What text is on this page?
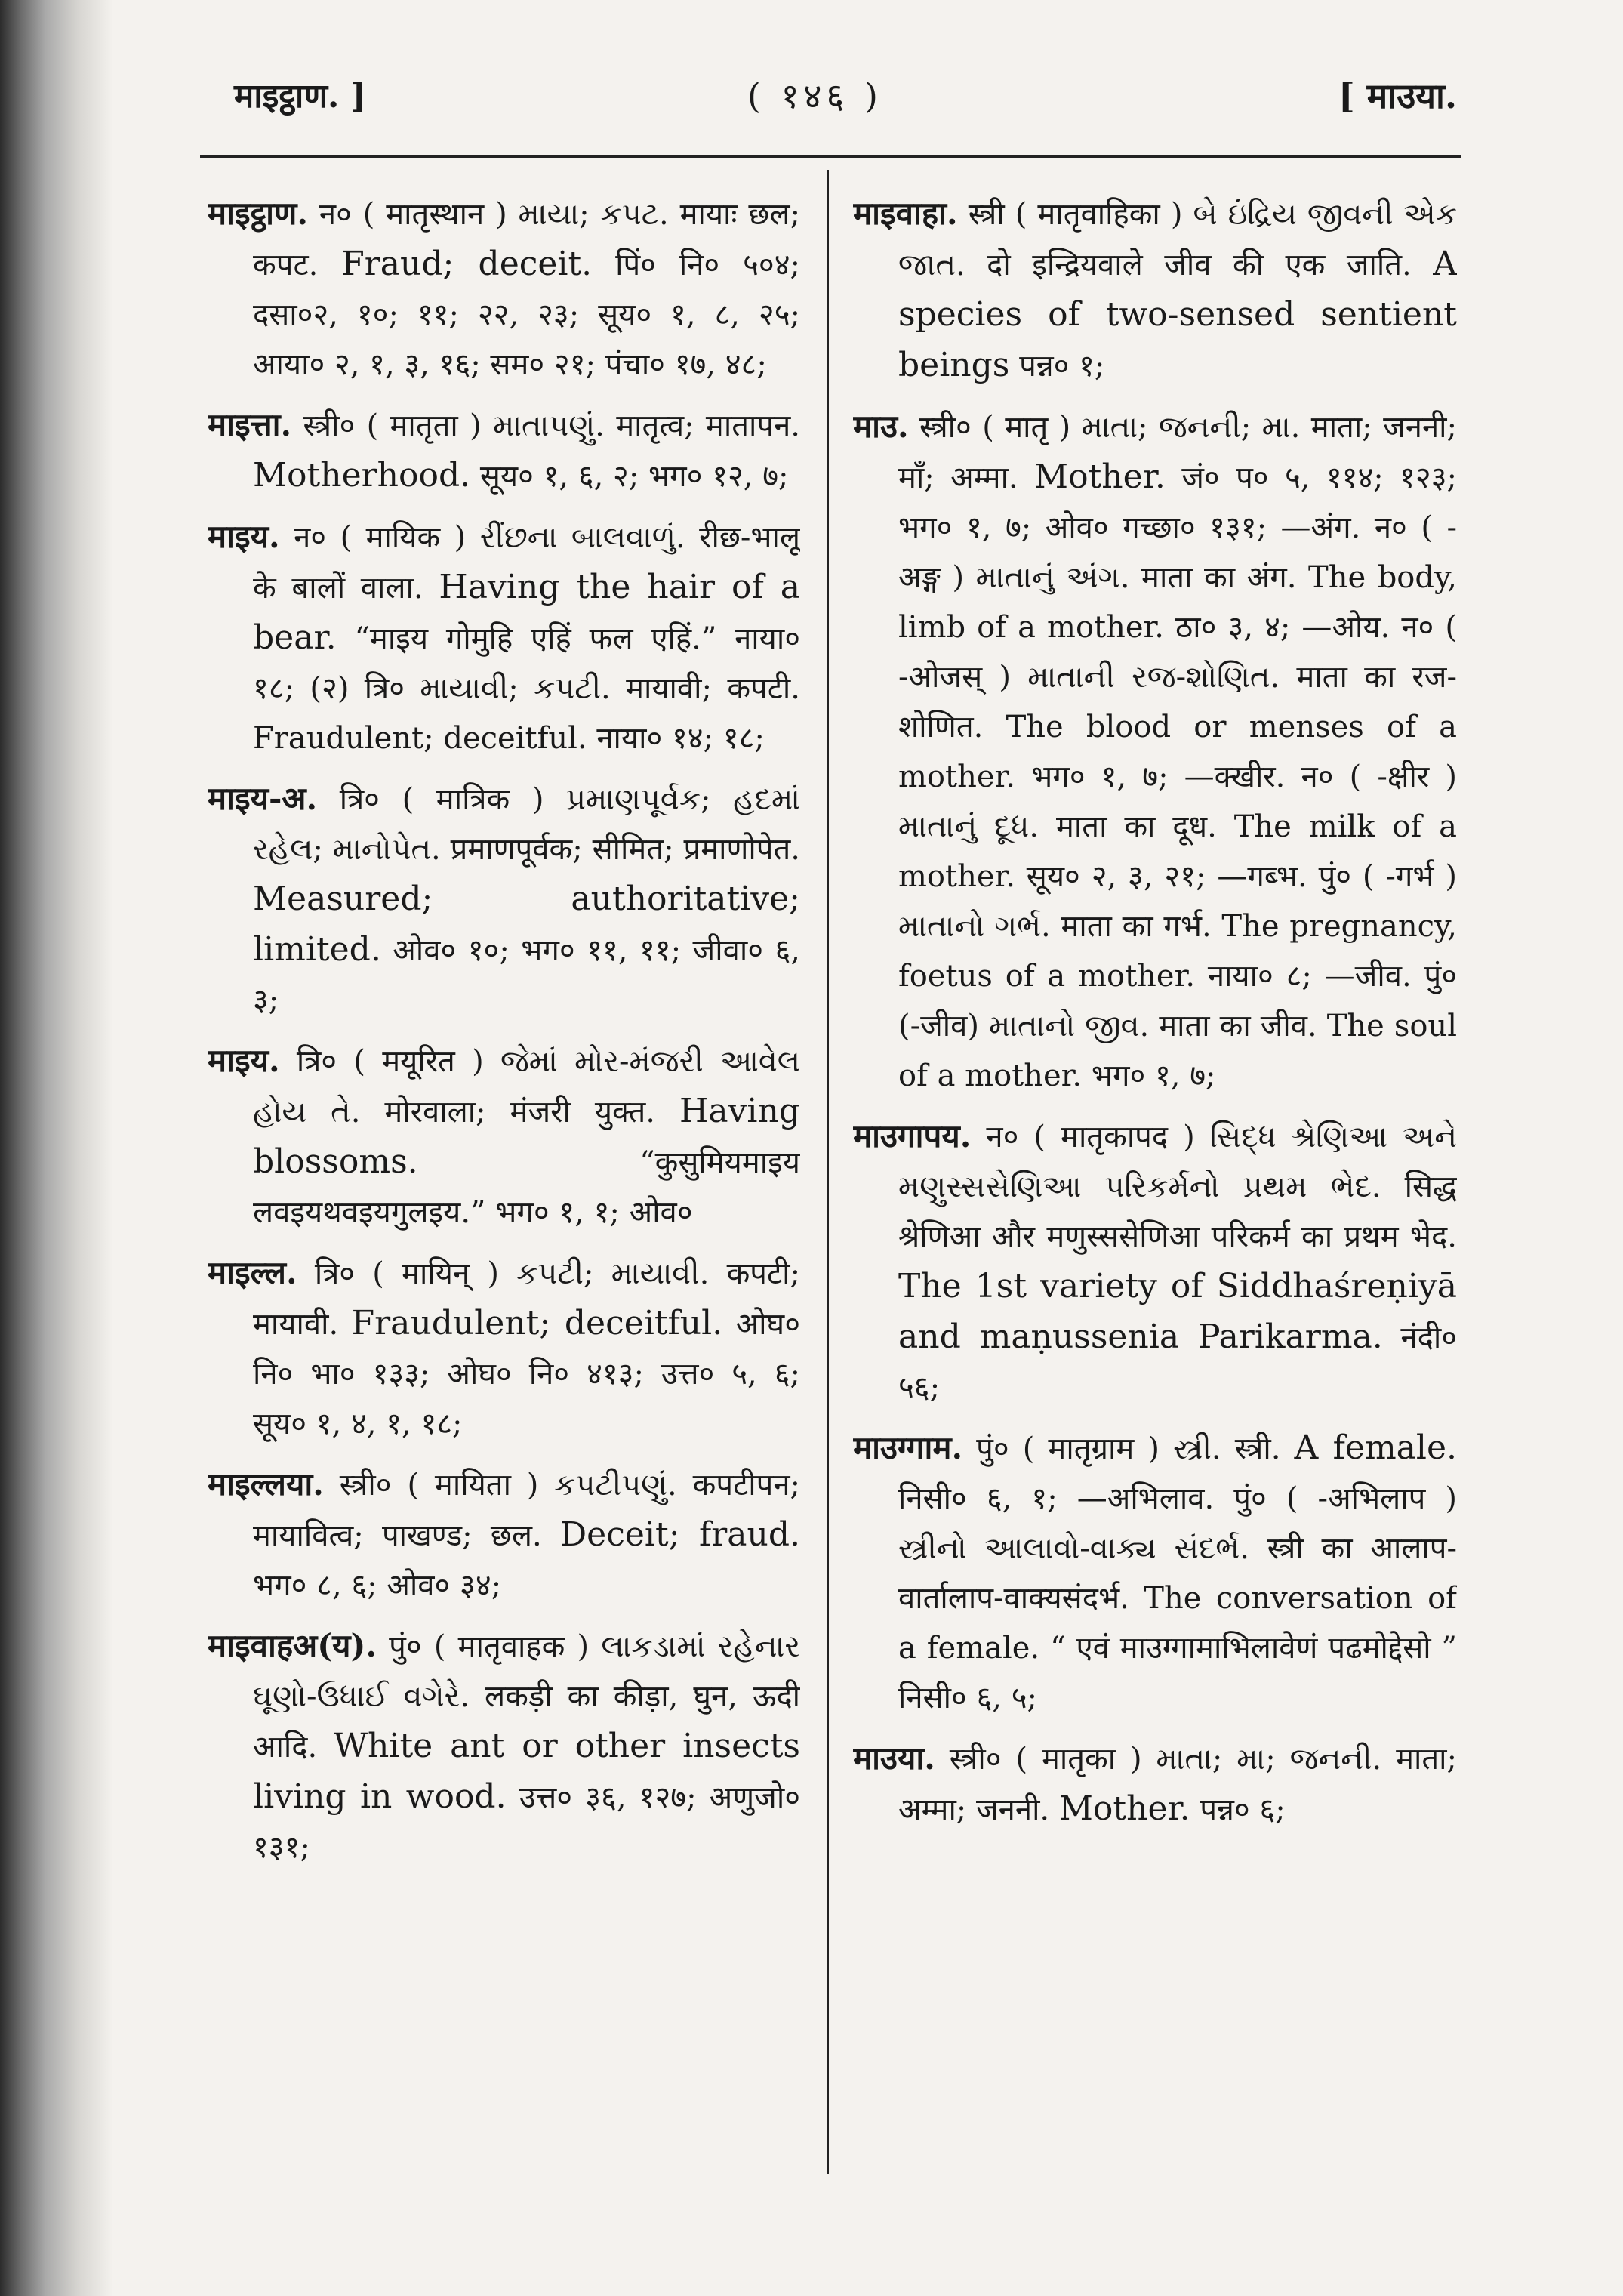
माइट्ठाण. ]	( १४६ )	[ माउया.

माइट्ठाण. न० ( मातृस्थान ) માયા; કપટ. मायाः छल; कपट. Fraud; deceit. पिं० नि० ५०४; दसा०२, १०; ११; २२, २३; सूय० १, ८, २५; आया० २, १, ३, १६; सम० २१; पंचा० १७, ४८;

माइत्ता. स्त्री० ( मातृता ) માતાપણું. मातृत्व; मातापन. Motherhood. सूय० १, ६, २; भग० १२, ७;

माइय. न० ( मायिक ) રીંછના બાલવાળું. रीछ-भालू के बालों वाला. Having the hair of a bear. “माइय गोमुहि एहिं फल एहिं.” नाया० १८; (२) त्रि० માયાવી; કપટી. मायावी; कपटी. Fraudulent; deceitful. नाया० १४; १८;

माइय-अ. त्रि० ( मात्रिक ) પ્રમાણપૂર્વક; હદમાં રહેલ; માનોપેત. प्रमाणपूर्वक; सीमित; प्रमाणोपेत. Measured; authoritative; limited. ओव० १०; भग० ११, ११; जीवा० ६, ३;

माइय. त्रि० ( मयूरित ) જેમાં મોર-મંજરી આવેલ હોય તે. मोरवाला; मंजरी युक्त. Having blossoms.	“कुसुमियमाइय लवइयथवइयगुलइय.” भग० १, १; ओव०

माइल्ल. त्रि० ( मायिन् ) કપટી; માયાવી. कपटी; मायावी. Fraudulent; deceitful. ओघ० नि० भा० १३३; ओघ० नि० ४१३; उत्त० ५, ६; सूय० १, ४, १, १८;

माइल्लया. स्त्री० ( मायिता ) કપટીપણું. कपटीपन; मायावित्व; पाखण्ड; छल. Deceit; fraud. भग० ८, ६; ओव० ३४;

माइवाहअ(य). पुं० ( मातृवाहक ) લાકડામાં રહેનાર ઘૂણો-ઉધાઈ વગેરે. लकड़ी का कीड़ा, घुन, ऊदी आदि. White ant or other insects living in wood. उत्त० ३६, १२७; अणुजो० १३१;

माइवाहा. स्त्री ( मातृवाहिका ) બે ઇંદ્રિય જીવની એક જાત. दो इन्द्रियवाले जीव की एक जाति. A species of two-sensed sentient beings पन्न० १;

माउ. स्त्री० ( मातृ ) માતા; જનની; મા. माता; जननी; माँ; अम्मा. Mother. जं० प० ५, ११४; १२३; भग० १, ७; ओव० गच्छा० १३१; —अंग. न० ( -अङ्ग ) માતાનું અંગ. माता का अंग. The body, limb of a mother. ठा० ३, ४; —ओय. न० ( -ओजस् ) માતાની રજ-શોણિત. माता का रज-शोणित. The blood or menses of a mother. भग० १, ७; —क्खीर. न० ( -क्षीर ) માતાનું દૂધ. माता का दूध. The milk of a mother. सूय० २, ३, २१; —गब्भ. पुं० ( -गर्भ ) માતાનો ગર્ભ. माता का गर्भ. The pregnancy, foetus of a mother. नाया० ८; —जीव. पुं० (-जीव) માતાનો જીવ. माता का जीव. The soul of a mother. भग० १, ७;

माउगापय. न० ( मातृकापद ) સિદ્ધ શ્રેણિઆ અને મણુસ્સસેણિઆ પરિકર્મનો પ્રથમ ભેદ. सिद्ध श्रेणिआ और मणुस्ससेणिआ परिकर्म का प्रथम भेद. The 1st variety of Siddhaśreṇiyā and maṇussenia Parikarma. नंदी० ५६;

माउग्गाम. पुं० ( मातृग्राम ) સ્ત્રી. स्त्री. A female. निसी० ६, १; —अभिलाव. पुं० ( -अभिलाप ) સ્ત્રીનો આલાવો-વાક્ય સંદર્ભ. स्त्री का आलाप-वार्तालाप-वाक्यसंदर्भ. The conversation of a female. “ एवं माउग्गामाभिलावेणं पढमोद्देसो ” निसी० ६, ५;

माउया. स्त्री० ( मातृका ) માતા; મા; જનની. माता; अम्मा; जननी. Mother. पन्न० ६;
